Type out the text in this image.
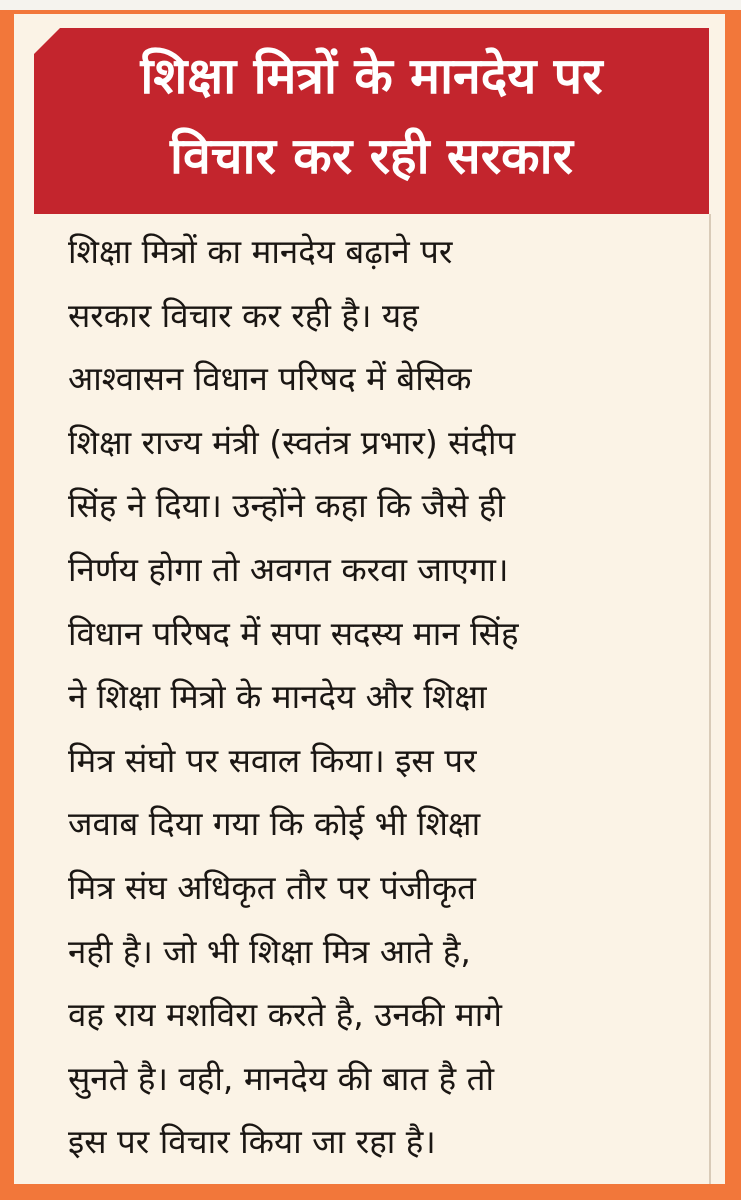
शिक्षा मित्रों के मानदेय पर
विचार कर रही सरकार

शिक्षा मित्रों का मानदेय बढ़ाने पर
सरकार विचार कर रही है। यह
आश्वासन विधान परिषद में बेसिक
शिक्षा राज्य मंत्री (स्वतंत्र प्रभार) संदीप
सिंह ने दिया। उन्होंने कहा कि जैसे ही
निर्णय होगा तो अवगत करवा जाएगा।
विधान परिषद में सपा सदस्य मान सिंह
ने शिक्षा मित्रो के मानदेय और शिक्षा
मित्र संघो पर सवाल किया। इस पर
जवाब दिया गया कि कोई भी शिक्षा
मित्र संघ अधिकृत तौर पर पंजीकृत
नही है। जो भी शिक्षा मित्र आते है,
वह राय मशविरा करते है, उनकी मागे
सुनते है। वही, मानदेय की बात है तो
इस पर विचार किया जा रहा है।
